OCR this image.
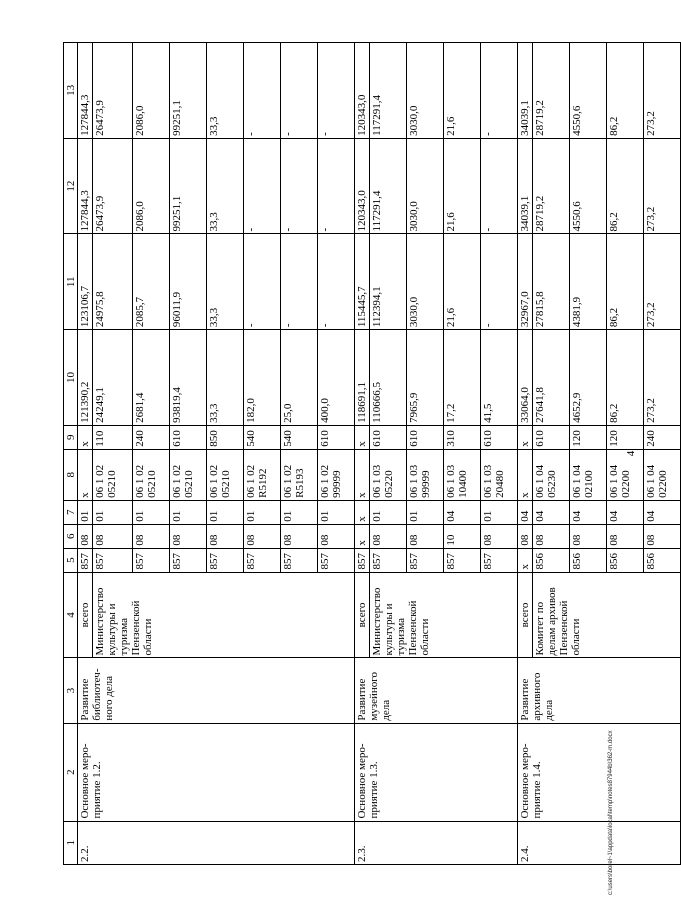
1	2	3	4	5	6	7	8	9	10	11	12	13
2.2.	Основное меро-приятие 1.2.	Развитие библиотеч-ного дела	всего	857	08	01	х	х	121390,2	123106,7	127844,3	127844,3
			Министерство культуры и туризма Пензенской области	857	08	01	06 1 02 05210	110	24249,1	24975,8	26473,9	26473,9
				857	08	01	06 1 02 05210	240	2681,4	2085,7	2086,0	2086,0
				857	08	01	06 1 02 05210	610	93819,4	96011,9	99251,1	99251,1
				857	08	01	06 1 02 05210	850	33,3	33,3	33,3	33,3
				857	08	01	06 1 02 R5192	540	182,0	-	-	-
				857	08	01	06 1 02 R5193	540	25,0	-	-	-
				857	08	01	06 1 02 99999	610	400,0	-	-	-
2.3.	Основное меро-приятие 1.3.	Развитие музейного дела	всего	857	х	х	х	х	118691,1	115445,7	120343,0	120343,0
			Министерство культуры и туризма Пензенской области	857	08	01	06 1 03 05220	610	110666,5	112394,1	117291,4	117291,4
				857	08	01	06 1 03 99999	610	7965,9	3030,0	3030,0	3030,0
				857	10	04	06 1 03 10400	310	17,2	21,6	21,6	21,6
				857	08	01	06 1 03 20480	610	41,5	-	-	-
2.4.	Основное меро-приятие 1.4.	Развитие архивного дела	всего	х	08	04	х	х	33064,0	32967,0	34039,1	34039,1
			Комитет по делам архивов Пензенской области	856	08	04	06 1 04 05230	610	27641,8	27815,8	28719,2	28719,2
				856	08	04	06 1 04 02100	120	4652,9	4381,9	4550,6	4550,6
				856	08	04	06 1 04 02200	120	86,2	86,2	86,2	86,2
				856	08	04	06 1 04 02200	240	273,2	273,2	273,2	273,2
4
c:\users\borel~1\appdata\local\temp\notes87944b\362-m.docx
